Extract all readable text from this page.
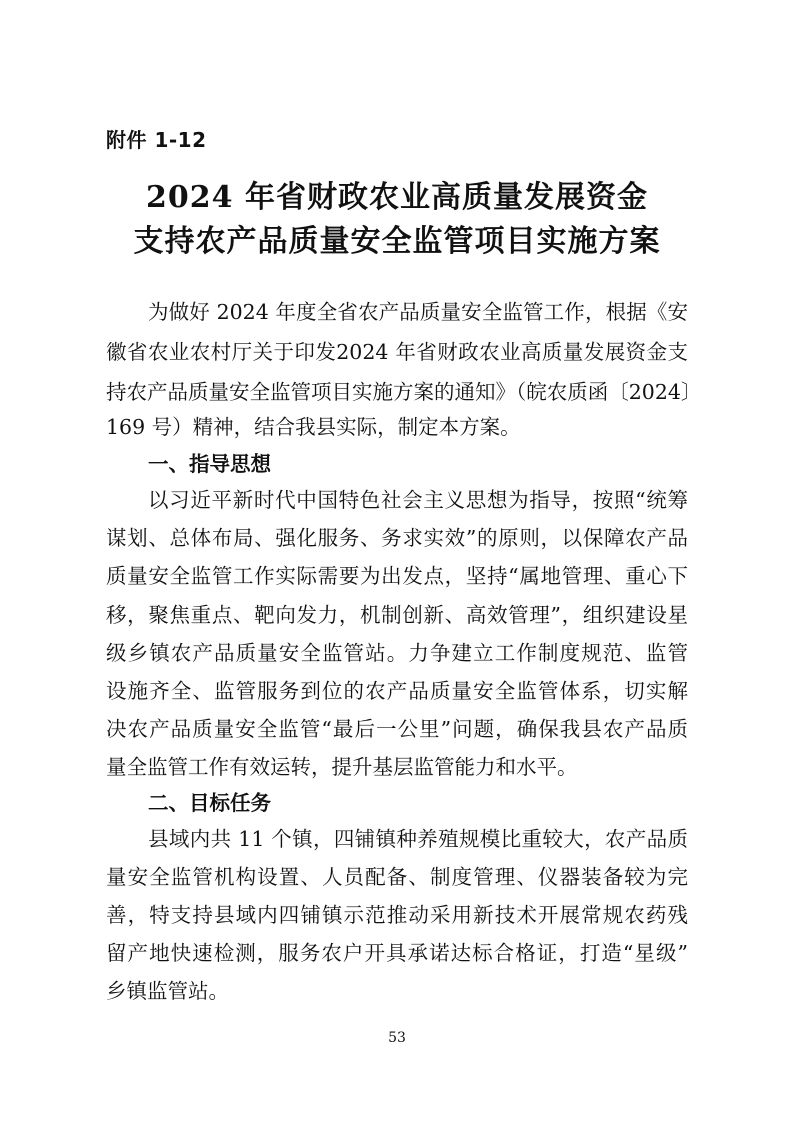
附件 1-12
2024 年省财政农业高质量发展资金
支持农产品质量安全监管项目实施方案
为做好 2024 年度全省农产品质量安全监管工作，根据《安
徽省农业农村厅关于印发2024 年省财政农业高质量发展资金支
持农产品质量安全监管项目实施方案的通知》（皖农质函〔2024〕
169 号）精神，结合我县实际，制定本方案。
一、指导思想
以习近平新时代中国特色社会主义思想为指导，按照“统筹
谋划、总体布局、强化服务、务求实效”的原则，以保障农产品
质量安全监管工作实际需要为出发点，坚持“属地管理、重心下
移，聚焦重点、靶向发力，机制创新、高效管理”，组织建设星
级乡镇农产品质量安全监管站。力争建立工作制度规范、监管
设施齐全、监管服务到位的农产品质量安全监管体系，切实解
决农产品质量安全监管“最后一公里”问题，确保我县农产品质
量全监管工作有效运转，提升基层监管能力和水平。
二、目标任务
县域内共 11 个镇，四铺镇种养殖规模比重较大，农产品质
量安全监管机构设置、人员配备、制度管理、仪器装备较为完
善，特支持县域内四铺镇示范推动采用新技术开展常规农药残
留产地快速检测，服务农户开具承诺达标合格证，打造“星级”
乡镇监管站。
53
